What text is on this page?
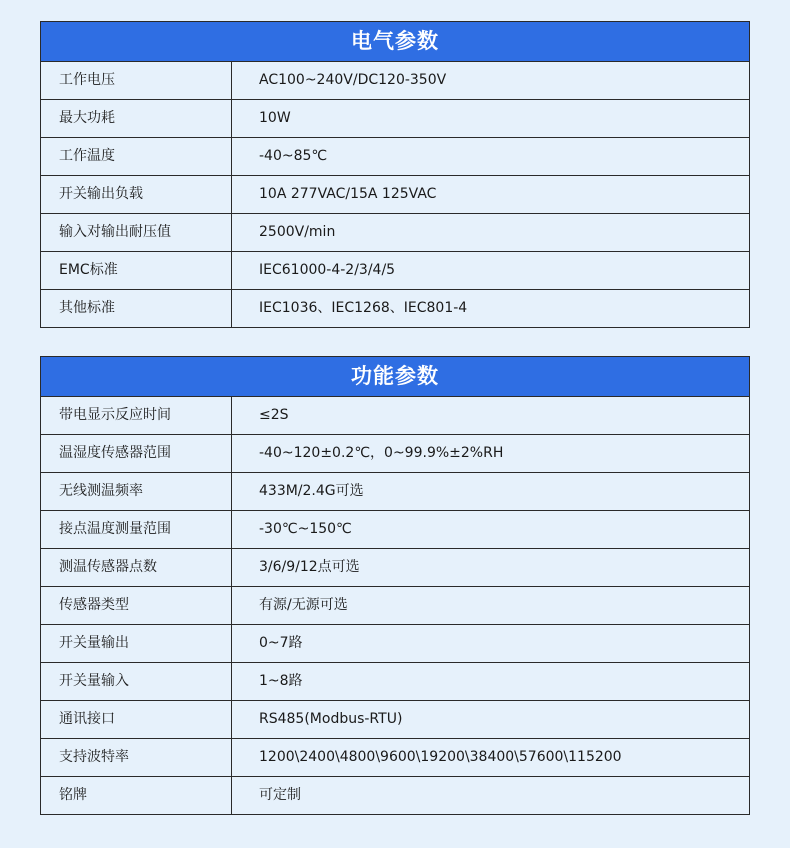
电气参数
工作电压	AC100~240V/DC120-350V
最大功耗	10W
工作温度	-40~85℃
开关输出负载	10A 277VAC/15A 125VAC
输入对输出耐压值	2500V/min
EMC标准	IEC61000-4-2/3/4/5
其他标准	IEC1036、IEC1268、IEC801-4
功能参数
带电显示反应时间	≤2S
温湿度传感器范围	-40~120±0.2℃，0~99.9%±2%RH
无线测温频率	433M/2.4G可选
接点温度测量范围	-30℃~150℃
测温传感器点数	3/6/9/12点可选
传感器类型	有源/无源可选
开关量输出	0~7路
开关量输入	1~8路
通讯接口	RS485(Modbus-RTU)
支持波特率	1200\2400\4800\9600\19200\38400\57600\115200
铭牌	可定制
